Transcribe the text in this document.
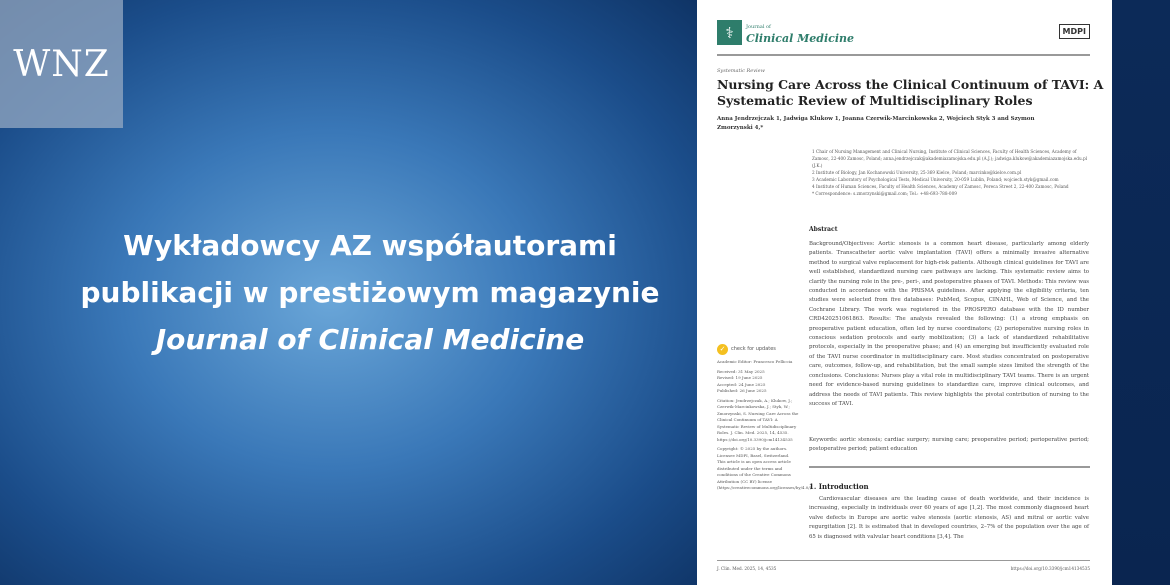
WNZ
Wykładowcy AZ współautorami
publikacji w prestiżowym magazynie
Journal of Clinical Medicine
⚕	Journal of
Clinical Medicine	MDPI
Systematic Review
Nursing Care Across the Clinical Continuum of TAVI: A Systematic Review of Multidisciplinary Roles
Anna Jendrzejczak 1, Jadwiga Klukow 1, Joanna Czerwik-Marcinkowska 2, Wojciech Styk 3 and Szymon Zmorzynski 4,*
1 Chair of Nursing Management and Clinical Nursing, Institute of Clinical Sciences, Faculty of Health Sciences, Academy of Zamosc, 22-400 Zamosc, Poland; anna.jendrzejczak@akademiazamojska.edu.pl (A.J.); jadwiga.klukow@akademiazamojska.edu.pl (J.K.)
2 Institute of Biology, Jan Kochanowski University, 25-369 Kielce, Poland; marcinko@kielce.com.pl
3 Academic Laboratory of Psychological Tests, Medical University, 20-059 Lublin, Poland; wojciech.styk@gmail.com
4 Institute of Human Sciences, Faculty of Health Sciences, Academy of Zamosc, Pereca Street 2, 22-400 Zamosc, Poland
* Correspondence: s.zmorzynski@gmail.com; Tel.: +48-693-788-009
Abstract
Background/Objectives: Aortic stenosis is a common heart disease, particularly among elderly patients. Transcatheter aortic valve implantation (TAVI) offers a minimally invasive alternative method to surgical valve replacement for high-risk patients. Although clinical guidelines for TAVI are well established, standardized nursing care pathways are lacking. This systematic review aims to clarify the nursing role in the pre-, peri-, and postoperative phases of TAVI. Methods: This review was conducted in accordance with the PRISMA guidelines. After applying the eligibility criteria, ten studies were selected from five databases: PubMed, Scopus, CINAHL, Web of Science, and the Cochrane Library. The work was registered in the PROSPERO database with the ID number CRD420251061863. Results: The analysis revealed the following: (1) a strong emphasis on preoperative patient education, often led by nurse coordinators; (2) perioperative nursing roles in conscious sedation protocols and early mobilization; (3) a lack of standardized rehabilitative protocols, especially in the preoperative phase; and (4) an emerging but insufficiently evaluated role of the TAVI nurse coordinator in multidisciplinary care. Most studies concentrated on postoperative care, outcomes, follow-up, and rehabilitation, but the small sample sizes limited the strength of the conclusions. Conclusions: Nurses play a vital role in multidisciplinary TAVI teams. There is an urgent need for evidence-based nursing guidelines to standardize care, improve clinical outcomes, and address the needs of TAVI patients. This review highlights the pivotal contribution of nursing to the success of TAVI.
Keywords: aortic stenosis; cardiac surgery; nursing care; preoperative period; perioperative period; postoperative period; patient education
1. Introduction
Cardiovascular diseases are the leading cause of death worldwide, and their incidence is increasing, especially in individuals over 60 years of age [1,2]. The most commonly diagnosed heart valve defects in Europe are aortic valve stenosis (aortic stenosis, AS) and mitral or aortic valve regurgitation [2]. It is estimated that in developed countries, 2–7% of the population over the age of 65 is diagnosed with valvular heart conditions [3,4]. The
✓	check for updates
Academic Editor: Francesco Pelliccia
Received: 31 May 2025
Revised: 19 June 2025
Accepted: 24 June 2025
Published: 26 June 2025
Citation: Jendrzejczak, A.; Klukow, J.; Czerwik-Marcinkowska, J.; Styk, W.; Zmorzynski, S. Nursing Care Across the Clinical Continuum of TAVI: A Systematic Review of Multidisciplinary Roles. J. Clin. Med. 2025, 14, 4535. https://doi.org/10.3390/jcm14134535
Copyright: © 2025 by the authors. Licensee MDPI, Basel, Switzerland. This article is an open access article distributed under the terms and conditions of the Creative Commons Attribution (CC BY) license (https://creativecommons.org/licenses/by/4.0/).
J. Clin. Med. 2025, 14, 4535	https://doi.org/10.3390/jcm14134535
